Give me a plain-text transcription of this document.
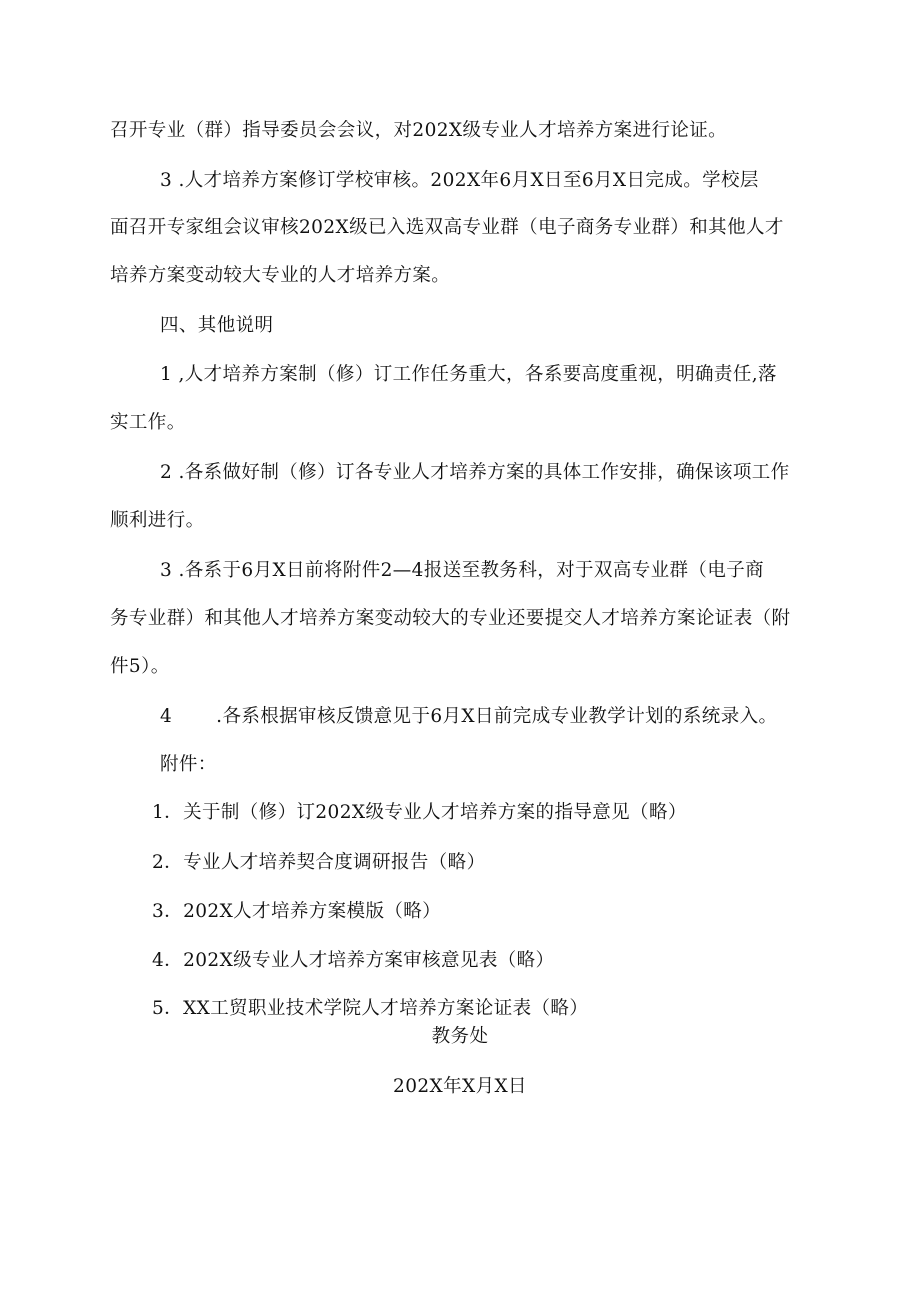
召开专业（群）指导委员会会议，对202X级专业人才培养方案进行论证。
3 .人才培养方案修订学校审核。202X年6月X日至6月X日完成。学校层
面召开专家组会议审核202X级已入选双高专业群（电子商务专业群）和其他人才
培养方案变动较大专业的人才培养方案。
四、其他说明
1 ,人才培养方案制（修）订工作任务重大，各系要高度重视，明确责任,落
实工作。
2 .各系做好制（修）订各专业人才培养方案的具体工作安排，确保该项工作
顺利进行。
3 .各系于6月X日前将附件2—4报送至教务科，对于双高专业群（电子商
务专业群）和其他人才培养方案变动较大的专业还要提交人才培养方案论证表（附
件5）。
4 .各系根据审核反馈意见于6月X日前完成专业教学计划的系统录入。
附件：
1．关于制（修）订202X级专业人才培养方案的指导意见（略）
2．专业人才培养契合度调研报告（略）
3．202X人才培养方案模版（略）
4．202X级专业人才培养方案审核意见表（略）
5．XX工贸职业技术学院人才培养方案论证表（略）
教务处
202X年X月X日
